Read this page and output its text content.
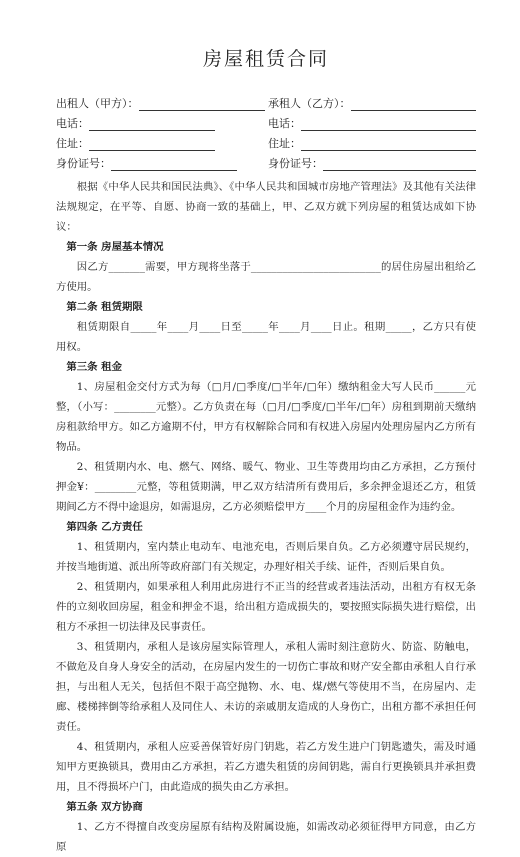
房屋租赁合同
出租人（甲方）：	承租人（乙方）：
电话：	电话：
住址：	住址：
身份证号：	身份证号：

根据《中华人民共和国民法典》、《中华人民共和国城市房地产管理法》及其他有关法律法规规定，在平等、自愿、协商一致的基础上，甲、乙双方就下列房屋的租赁达成如下协议：

第一条 房屋基本情况

因乙方_______需要，甲方现将坐落于_________________________的居住房屋出租给乙方使用。

第二条 租赁期限

租赁期限自_____年____月____日至_____年____月____日止。租期_____，乙方只有使用权。

第三条 租金

1、房屋租金交付方式为每（□月/□季度/□半年/□年）缴纳租金大写人民币______元整，（小写：________元整）。乙方负责在每（□月/□季度/□半年/□年）房租到期前天缴纳房租款给甲方。如乙方逾期不付，甲方有权解除合同和有权进入房屋内处理房屋内乙方所有物品。

2、租赁期内水、电、燃气、网络、暖气、物业、卫生等费用均由乙方承担，乙方预付押金¥：________元整，等租赁期满，甲乙双方结清所有费用后，多余押金退还乙方，租赁期间乙方不得中途退房，如需退房，乙方必须赔偿甲方____个月的房屋租金作为违约金。

第四条 乙方责任

1、租赁期内，室内禁止电动车、电池充电，否则后果自负。乙方必须遵守居民规约，并按当地街道、派出所等政府部门有关规定，办理好相关手续、证件，否则后果自负。

2、租赁期内，如果承租人利用此房进行不正当的经营或者违法活动，出租方有权无条件的立刻收回房屋，租金和押金不退，给出租方造成损失的，要按照实际损失进行赔偿，出租方不承担一切法律及民事责任。

3、租赁期内，承租人是该房屋实际管理人，承租人需时刻注意防火、防盗、防触电，不做危及自身人身安全的活动，在房屋内发生的一切伤亡事故和财产安全都由承租人自行承担，与出租人无关，包括但不限于高空抛物、水、电、煤/燃气等使用不当，在房屋内、走廊、楼梯摔倒等给承租人及同住人、未访的亲戚朋友造成的人身伤亡，出租方都不承担任何责任。

4、租赁期内，承租人应妥善保管好房门钥匙，若乙方发生进户门钥匙遗失，需及时通知甲方更换锁具，费用由乙方承担，若乙方遗失租赁的房间钥匙，需自行更换锁具并承担费用，且不得损坏户门，由此造成的损失由乙方承担。

第五条 双方协商

1、乙方不得擅自改变房屋原有结构及附属设施，如需改动必须征得甲方同意，由乙方原
